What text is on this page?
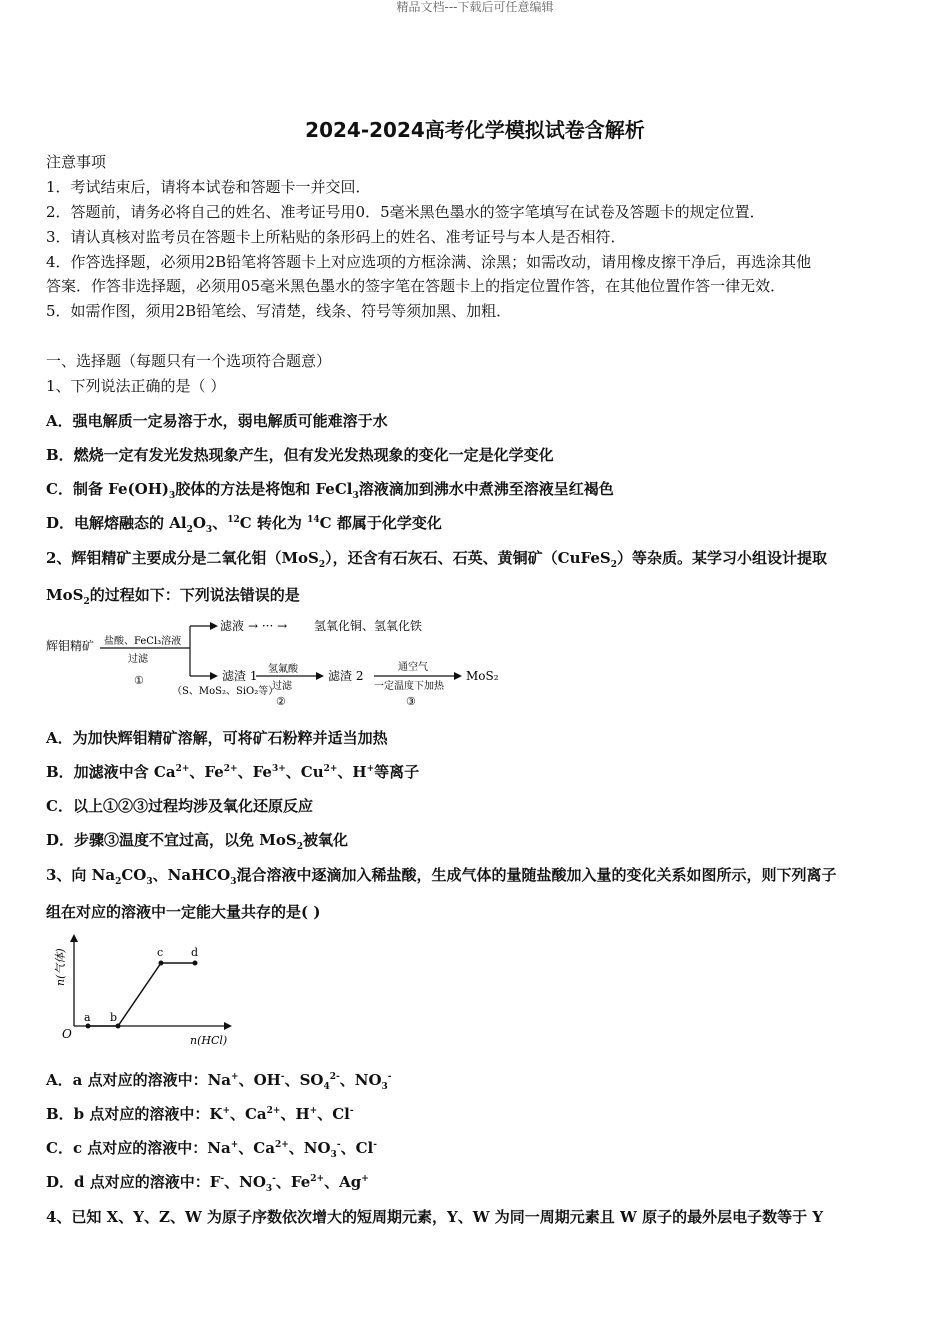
精品文档---下载后可任意编辑
2024-2024高考化学模拟试卷含解析
注意事项
1．考试结束后，请将本试卷和答题卡一并交回．
2．答题前，请务必将自己的姓名、准考证号用0．5毫米黑色墨水的签字笔填写在试卷及答题卡的规定位置．
3．请认真核对监考员在答题卡上所粘贴的条形码上的姓名、准考证号与本人是否相符．
4．作答选择题，必须用2B铅笔将答题卡上对应选项的方框涂满、涂黑；如需改动，请用橡皮擦干净后，再选涂其他
答案．作答非选择题，必须用05毫米黑色墨水的签字笔在答题卡上的指定位置作答，在其他位置作答一律无效．
5．如需作图，须用2B铅笔绘、写清楚，线条、符号等须加黑、加粗．
一、选择题（每题只有一个选项符合题意）
1、下列说法正确的是（ ）
A．强电解质一定易溶于水，弱电解质可能难溶于水
B．燃烧一定有发光发热现象产生，但有发光发热现象的变化一定是化学变化
C．制备 $Fe(OH)_3$胶体的方法是将饱和 FeCl$_3$溶液滴加到沸水中煮沸至溶液呈红褐色
D．电解熔融态的 $Al_2O_3$、$^{12}$C 转化为 $^{14}$C 都属于化学变化
2、辉钼精矿主要成分是二氧化钼（MoS$_2$），还含有石灰石、石英、黄铜矿（CuFeS$_2$）等杂质。某学习小组设计提取
MoS$_2$的过程如下：下列说法错误的是
辉钼精矿 盐酸、FeCl₃溶液
过滤
①
滤液 → ··· → 氢氧化铜、氢氧化铁
滤渣 1
（S、MoS₂、SiO₂等）
氢氟酸
过滤
②
滤渣 2
通空气
一定温度下加热
③
MoS₂
A．为加快辉钼精矿溶解，可将矿石粉粹并适当加热
B．加滤液中含 $Ca^{2+}$、$Fe^{2+}$、$Fe^{3+}$、$Cu^{2+}$、H+等离子
C．以上①②③过程均涉及氧化还原反应
D．步骤③温度不宜过高，以免 MoS$_2$被氧化
3、向 $Na_2CO_3$、NaHCO$_3$混合溶液中逐滴加入稀盐酸，生成气体的量随盐酸加入量的变化关系如图所示，则下列离子
组在对应的溶液中一定能大量共存的是( )
a b
c	d
O	n(HCl)
n(气体)
A．a 点对应的溶液中：Na+、OH-、$SO_4^{2-}$、$NO_3^-$
B．b 点对应的溶液中：K+、$Ca^{2+}$、H+、Cl-
C．c 点对应的溶液中：Na+、$Ca^{2+}$、$NO_3^-$、Cl-
D．d 点对应的溶液中：F-、$NO_3^-$、$Fe^{2+}$、Ag+
4、已知 X、Y、Z、W 为原子序数依次增大的短周期元素，Y、W 为同一周期元素且 W 原子的最外层电子数等于 Y
